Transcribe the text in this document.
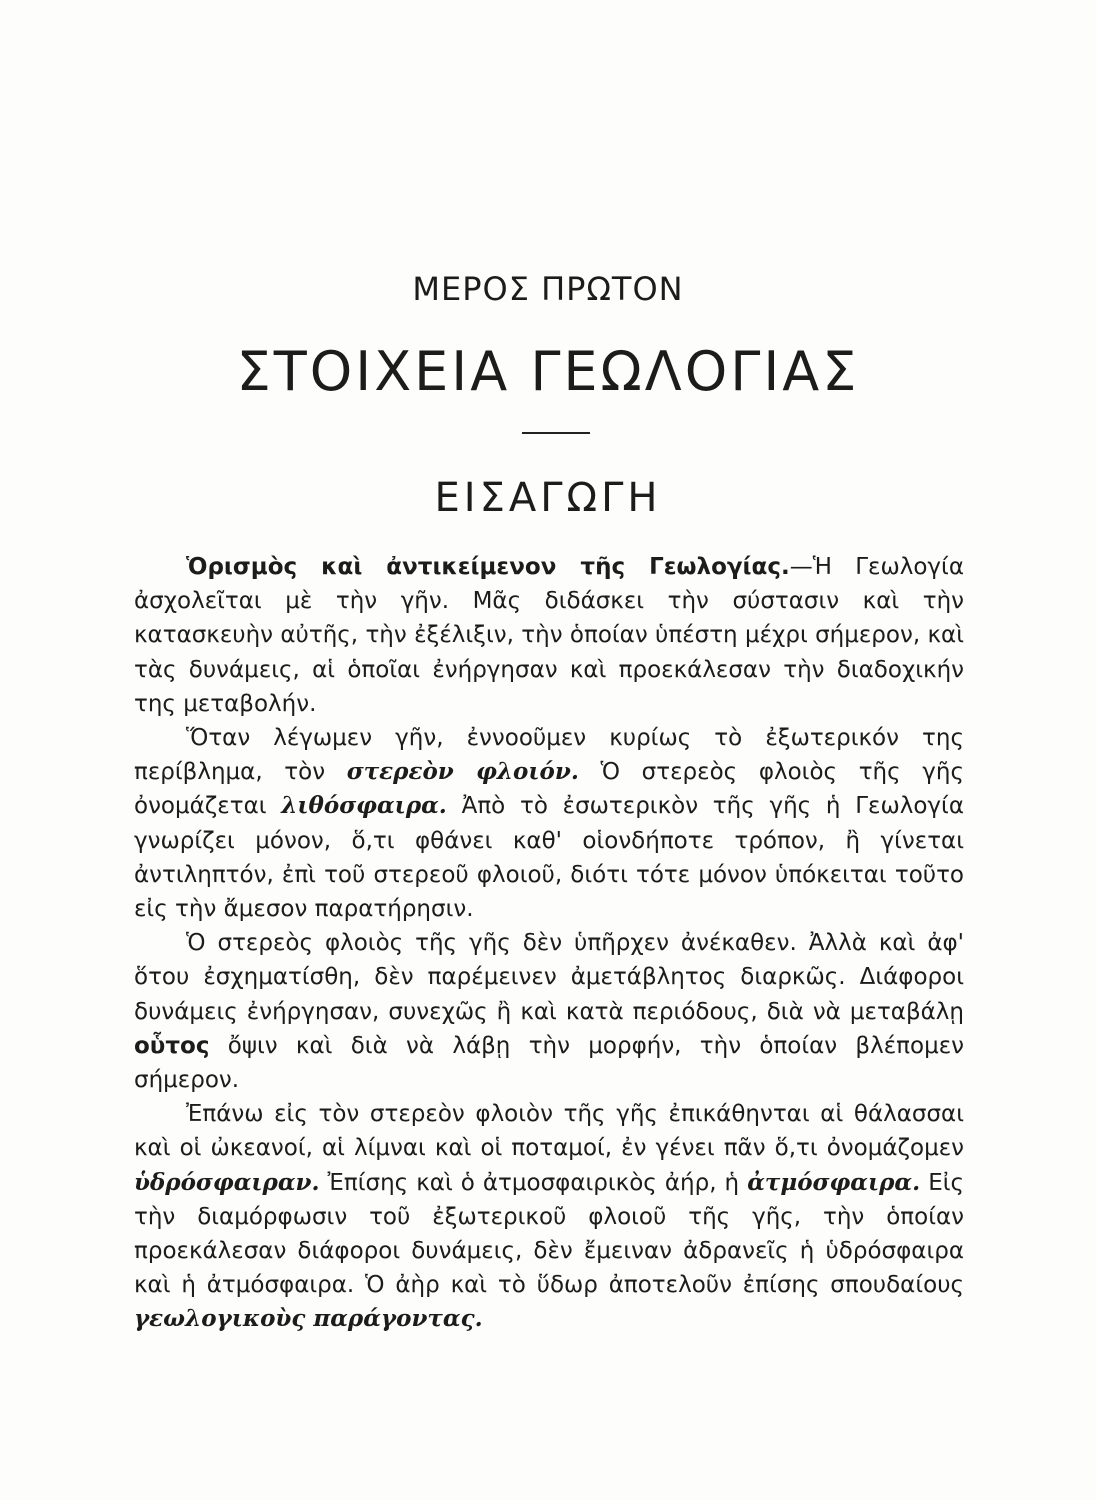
ΜΕΡΟΣ ΠΡΩΤΟΝ
ΣΤΟΙΧΕΙΑ ΓΕΩΛΟΓΙΑΣ
ΕΙΣΑΓΩΓΗ

Ὁρισμὸς καὶ ἀντικείμενον τῆς Γεωλογίας.—Ἡ Γεωλογία ἀσχολεῖται μὲ τὴν γῆν. Μᾶς διδάσκει τὴν σύστασιν καὶ τὴν κατασκευὴν αὐτῆς, τὴν ἐξέλιξιν, τὴν ὁποίαν ὑπέστη μέχρι σήμερον, καὶ τὰς δυνάμεις, αἱ ὁποῖαι ἐνήργησαν καὶ προεκάλεσαν τὴν διαδοχικήν της μεταβολήν.

Ὅταν λέγωμεν γῆν, ἐννοοῦμεν κυρίως τὸ ἐξωτερικόν της περίβλημα, τὸν στερεὸν φλοιόν. Ὁ στερεὸς φλοιὸς τῆς γῆς ὀνομάζεται λιθόσφαιρα. Ἀπὸ τὸ ἐσωτερικὸν τῆς γῆς ἡ Γεωλογία γνωρίζει μόνον, ὅ,τι φθάνει καθ' οἱονδήποτε τρόπον, ἢ γίνεται ἀντιληπτόν, ἐπὶ τοῦ στερεοῦ φλοιοῦ, διότι τότε μόνον ὑπόκειται τοῦτο εἰς τὴν ἄμεσον παρατήρησιν.

Ὁ στερεὸς φλοιὸς τῆς γῆς δὲν ὑπῆρχεν ἀνέκαθεν. Ἀλλὰ καὶ ἀφ' ὅτου ἐσχηματίσθη, δὲν παρέμεινεν ἀμετάβλητος διαρκῶς. Διάφοροι δυνάμεις ἐνήργησαν, συνεχῶς ἢ καὶ κατὰ περιόδους, διὰ νὰ μεταβάλῃ οὗτος ὄψιν καὶ διὰ νὰ λάβῃ τὴν μορφήν, τὴν ὁποίαν βλέπομεν σήμερον.

Ἐπάνω εἰς τὸν στερεὸν φλοιὸν τῆς γῆς ἐπικάθηνται αἱ θάλασσαι καὶ οἱ ὠκεανοί, αἱ λίμναι καὶ οἱ ποταμοί, ἐν γένει πᾶν ὅ,τι ὀνομάζομεν ὑδρόσφαιραν. Ἐπίσης καὶ ὁ ἀτμοσφαιρικὸς ἀήρ, ἡ ἀτμόσφαιρα. Εἰς τὴν διαμόρφωσιν τοῦ ἐξωτερικοῦ φλοιοῦ τῆς γῆς, τὴν ὁποίαν προεκάλεσαν διάφοροι δυνάμεις, δὲν ἔμειναν ἀδρανεῖς ἡ ὑδρόσφαιρα καὶ ἡ ἀτμόσφαιρα. Ὁ ἀὴρ καὶ τὸ ὕδωρ ἀποτελοῦν ἐπίσης σπουδαίους γεωλογικοὺς παράγοντας.
